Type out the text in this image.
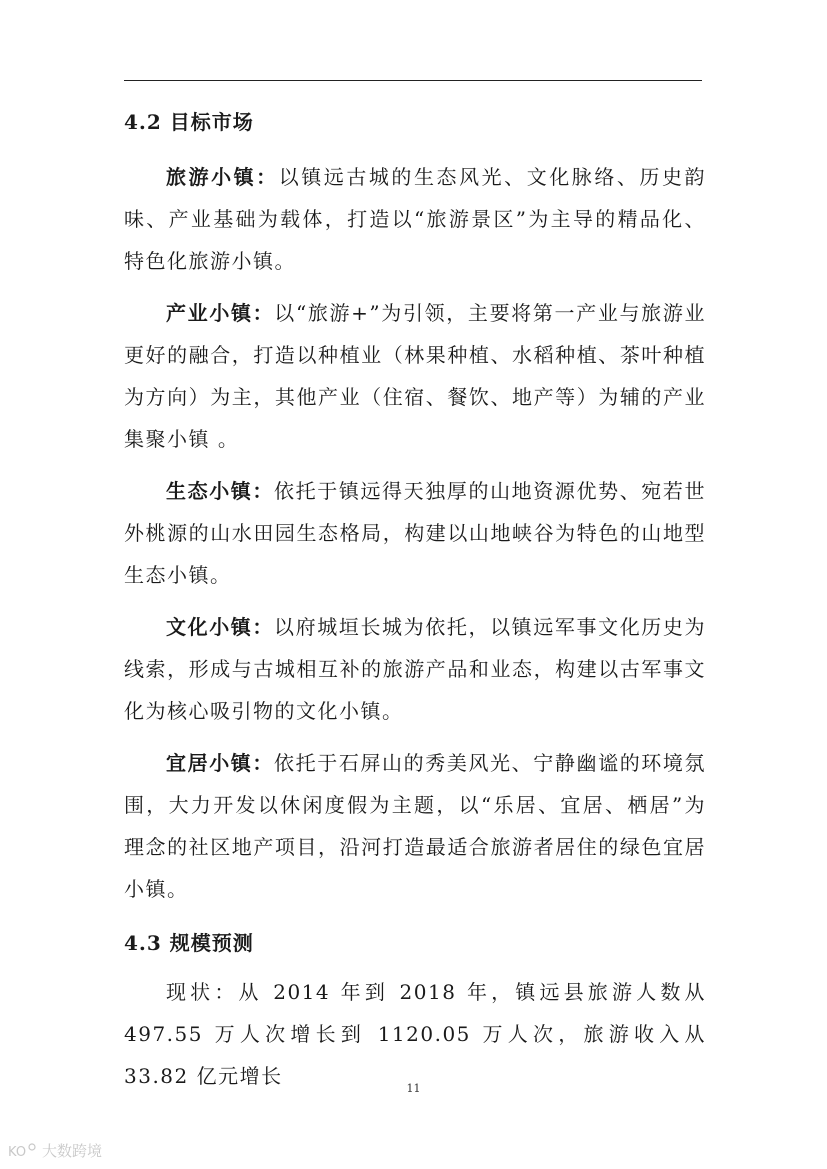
4.2 目标市场

旅游小镇：以镇远古城的生态风光、文化脉络、历史韵味、产业基础为载体，打造以“旅游景区”为主导的精品化、特色化旅游小镇。

产业小镇：以“旅游+”为引领，主要将第一产业与旅游业更好的融合，打造以种植业（林果种植、水稻种植、茶叶种植为方向）为主，其他产业（住宿、餐饮、地产等）为辅的产业集聚小镇 。

生态小镇：依托于镇远得天独厚的山地资源优势、宛若世外桃源的山水田园生态格局，构建以山地峡谷为特色的山地型生态小镇。

文化小镇：以府城垣长城为依托，以镇远军事文化历史为线索，形成与古城相互补的旅游产品和业态，构建以古军事文化为核心吸引物的文化小镇。

宜居小镇：依托于石屏山的秀美风光、宁静幽谧的环境氛围，大力开发以休闲度假为主题，以“乐居、宜居、栖居”为理念的社区地产项目，沿河打造最适合旅游者居住的绿色宜居小镇。

4.3 规模预测

现状：从 2014 年到 2018 年，镇远县旅游人数从 497.55 万人次增长到 1120.05 万人次，旅游收入从 33.82 亿元增长

11
KO 大数跨境
